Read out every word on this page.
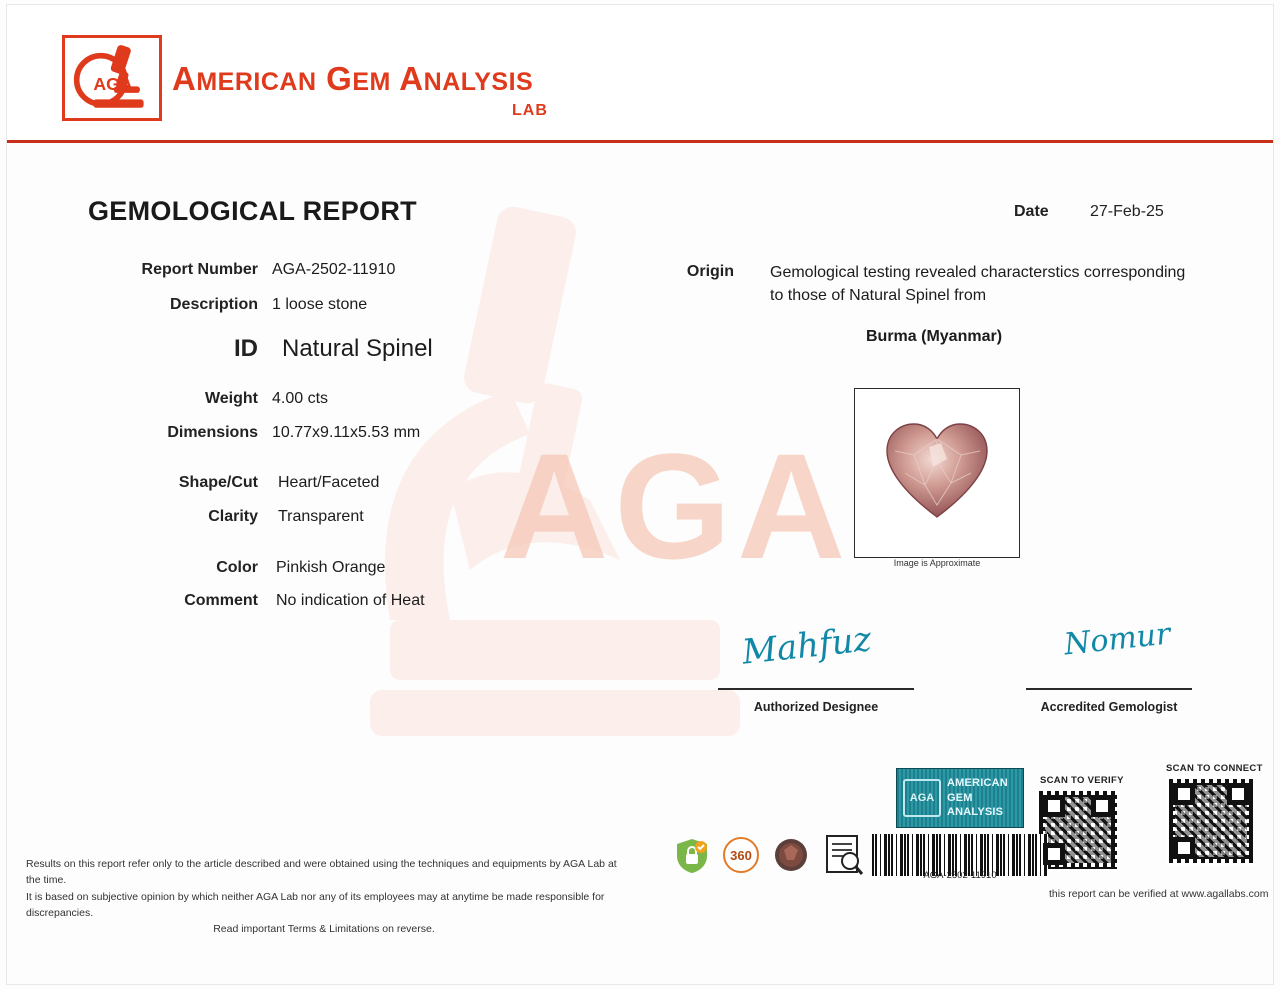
AGA
AGA AMERICAN GEM ANALYSIS
LAB
GEMOLOGICAL REPORT	Date	27-Feb-25
Report Number AGA-2502-11910
Description 1 loose stone
ID Natural Spinel
Weight 4.00 cts
Dimensions 10.77x9.11x5.53 mm
Shape/Cut Heart/Faceted
Clarity Transparent
Color Pinkish Orange
Comment No indication of Heat
Origin Gemological testing revealed characterstics corresponding to those of Natural Spinel from
Burma (Myanmar)
Image is Approximate
Mahfuz
Authorized Designee
Nomur
Accredited Gemologist
AGA
AMERICAN
GEM
ANALYSIS
SCAN TO VERIFY
SCAN TO CONNECT
this report can be verified at www.agallabs.com
360
AGA-2502-11910
Results on this report refer only to the article described and were obtained using the techniques and equipments by AGA Lab at the time.
It is based on subjective opinion by which neither AGA Lab nor any of its employees may at anytime be made responsible for discrepancies.
Read important Terms & Limitations on reverse.
